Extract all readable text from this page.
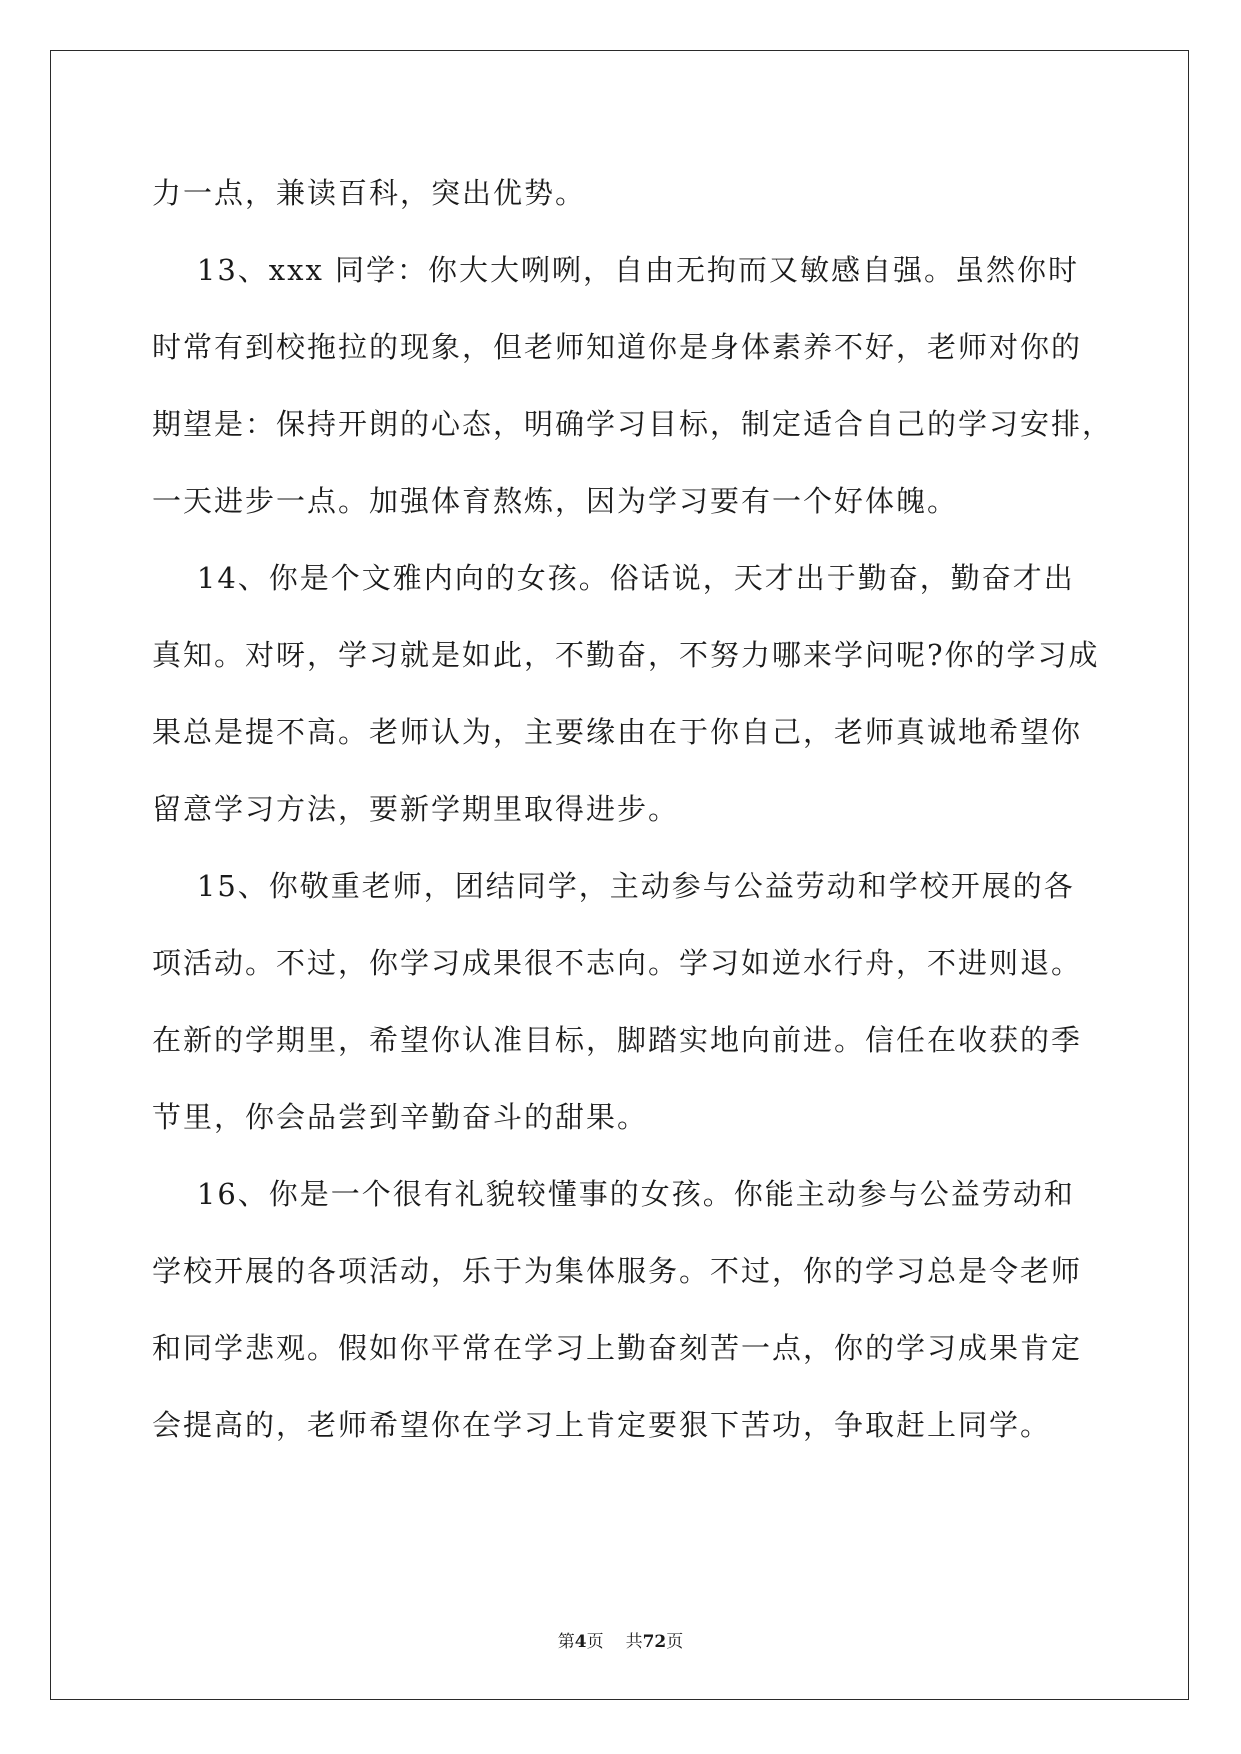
力一点，兼读百科，突出优势。

13、xxx 同学：你大大咧咧，自由无拘而又敏感自强。虽然你时

时常有到校拖拉的现象，但老师知道你是身体素养不好，老师对你的

期望是：保持开朗的心态，明确学习目标，制定适合自己的学习安排，

一天进步一点。加强体育熬炼，因为学习要有一个好体魄。

14、你是个文雅内向的女孩。俗话说，天才出于勤奋，勤奋才出

真知。对呀，学习就是如此，不勤奋，不努力哪来学问呢?你的学习成

果总是提不高。老师认为，主要缘由在于你自己，老师真诚地希望你

留意学习方法，要新学期里取得进步。

15、你敬重老师，团结同学，主动参与公益劳动和学校开展的各

项活动。不过，你学习成果很不志向。学习如逆水行舟，不进则退。

在新的学期里，希望你认准目标，脚踏实地向前进。信任在收获的季

节里，你会品尝到辛勤奋斗的甜果。

16、你是一个很有礼貌较懂事的女孩。你能主动参与公益劳动和

学校开展的各项活动，乐于为集体服务。不过，你的学习总是令老师

和同学悲观。假如你平常在学习上勤奋刻苦一点，你的学习成果肯定

会提高的，老师希望你在学习上肯定要狠下苦功，争取赶上同学。

第4页 共72页
